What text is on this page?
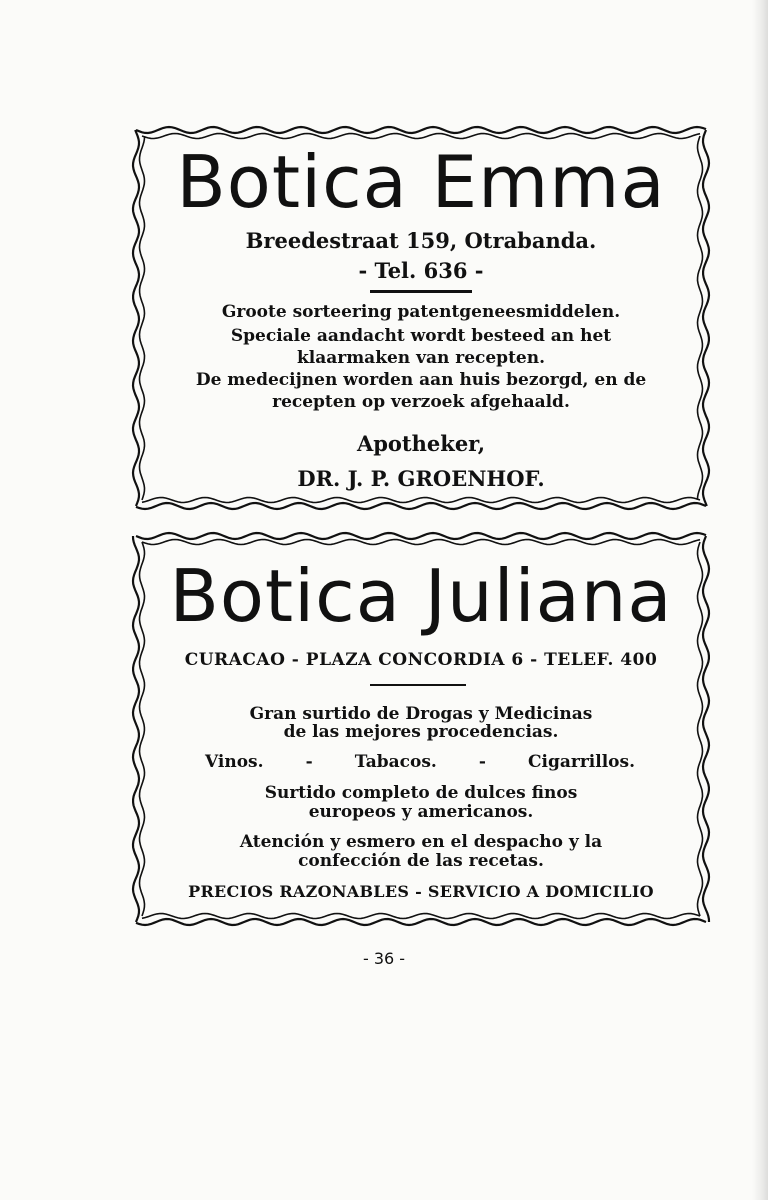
Botica Emma
Breedestraat 159, Otrabanda.
- Tel. 636 -
Groote sorteering patentgeneesmiddelen.
Speciale aandacht wordt besteed an het
klaarmaken van recepten.
De medecijnen worden aan huis bezorgd, en de
recepten op verzoek afgehaald.
Apotheker,
DR. J. P. GROENHOF.
Botica Juliana
CURACAO - PLAZA CONCORDIA 6 - TELEF. 400
Gran surtido de Drogas y Medicinas
de las mejores procedencias.
Vinos. - Tabacos. - Cigarrillos.
Surtido completo de dulces finos
europeos y americanos.
Atención y esmero en el despacho y la
confección de las recetas.
PRECIOS RAZONABLES - SERVICIO A DOMICILIO
- 36 -
